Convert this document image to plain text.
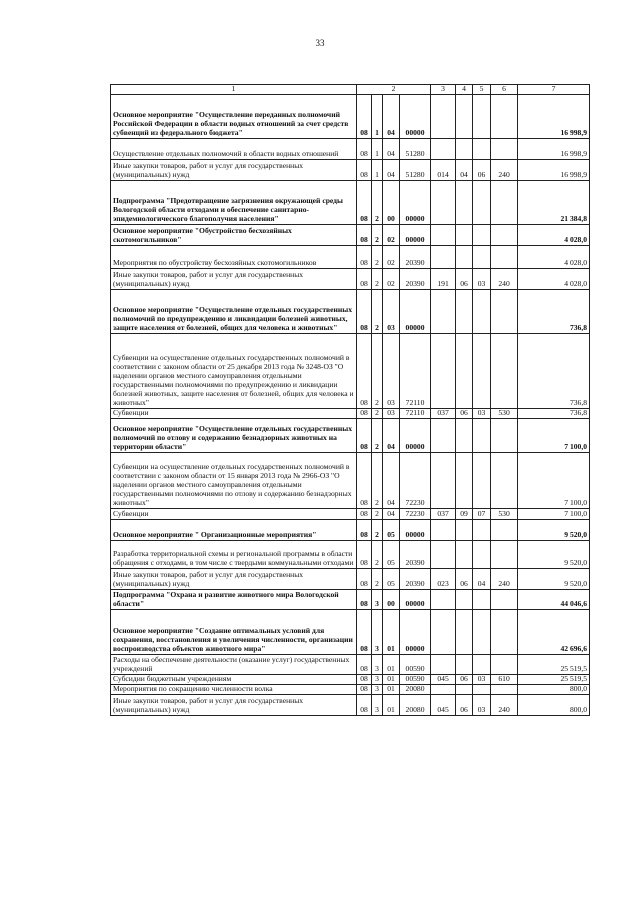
33
1	2				3	4	5	6	7
Основное мероприятие "Осуществление переданных полномочий Российской Федерации в области водных отношений за счет средств субвенций из федерального бюджета"	08	1	04	00000					16 998,9
Осуществление отдельных полномочий в области водных отношений	08	1	04	51280					16 998,9
Иные закупки товаров, работ и услуг для государственных (муниципальных) нужд	08	1	04	51280	014	04	06	240	16 998,9
Подпрограмма "Предотвращение загрязнения окружающей среды Вологодской области отходами и обеспечение санитарно-эпидемиологического благополучия населения"	08	2	00	00000					21 384,8
Основное мероприятие "Обустройство бесхозяйных скотомогильников"	08	2	02	00000					4 028,0
Мероприятия по обустройству бесхозяйных скотомогильников	08	2	02	20390					4 028,0
Иные закупки товаров, работ и услуг для государственных (муниципальных) нужд	08	2	02	20390	191	06	03	240	4 028,0
Основное мероприятие "Осуществление отдельных государственных полномочий по предупреждению и ликвидации болезней животных, защите населения от болезней, общих для человека и животных"	08	2	03	00000					736,8
Субвенции на осуществление отдельных государственных полномочий в соответствии с законом области от 25 декабря 2013 года № 3248-ОЗ "О наделении органов местного самоуправления отдельными государственными полномочиями по предупреждению и ликвидации болезней животных, защите населения от болезней, общих для человека и животных"	08	2	03	72110					736,8
Субвенции	08	2	03	72110	037	06	03	530	736,8
Основное мероприятие "Осуществление отдельных государственных полномочий по отлову и содержанию безнадзорных животных на территории области"	08	2	04	00000					7 100,0
Субвенции на осуществление отдельных государственных полномочий в соответствии с законом области от 15 января 2013 года № 2966-ОЗ "О наделении органов местного самоуправления отдельными государственными полномочиями по отлову и содержанию безнадзорных животных"	08	2	04	72230					7 100,0
Субвенции	08	2	04	72230	037	09	07	530	7 100,0
Основное мероприятие " Организационные мероприятия"	08	2	05	00000					9 520,0
Разработка территориальной схемы и региональной программы в области обращения с отходами, в том числе с твердыми коммунальными отходами	08	2	05	20390					9 520,0
Иные закупки товаров, работ и услуг для государственных (муниципальных) нужд	08	2	05	20390	023	06	04	240	9 520,0
Подпрограмма "Охрана и развитие животного мира Вологодской области"	08	3	00	00000					44 046,6
Основное мероприятие "Создание оптимальных условий для сохранения, восстановления и увеличения численности, организации воспроизводства объектов животного мира"	08	3	01	00000					42 696,6
Расходы на обеспечение деятельности (оказание услуг) государственных учреждений	08	3	01	00590					25 519,5
Субсидии бюджетным учреждениям	08	3	01	00590	045	06	03	610	25 519,5
Мероприятия по сокращению численности волка	08	3	01	20080					800,0
Иные закупки товаров, работ и услуг для государственных (муниципальных) нужд	08	3	01	20080	045	06	03	240	800,0
